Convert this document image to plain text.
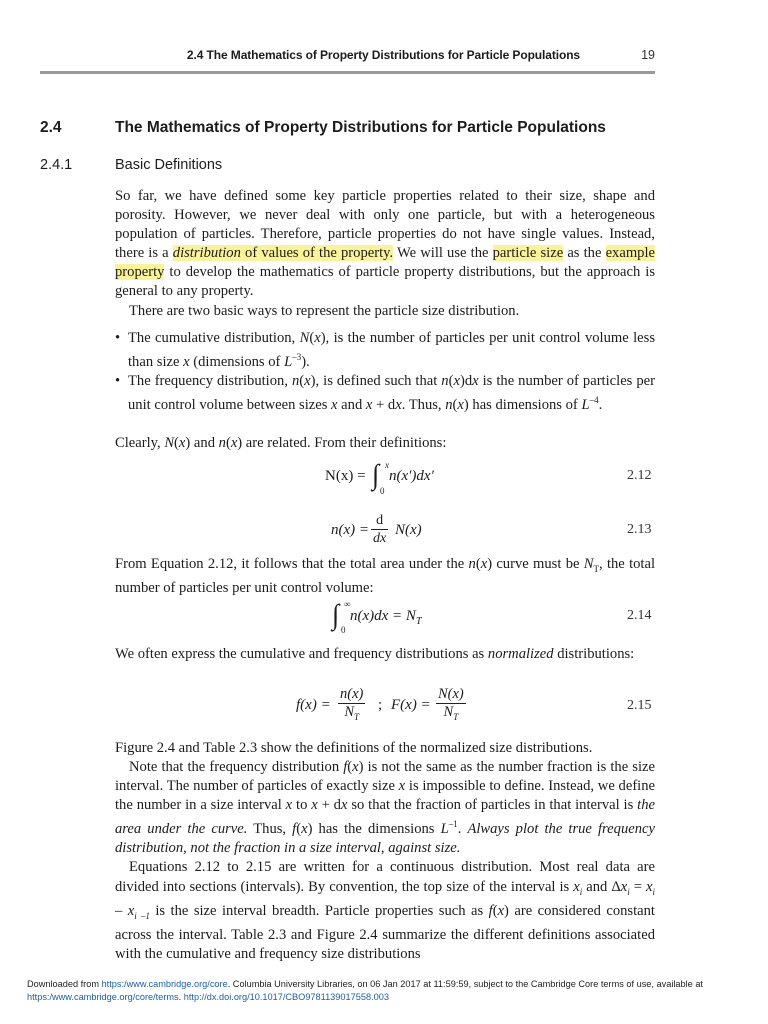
2.4 The Mathematics of Property Distributions for Particle Populations	19
2.4	The Mathematics of Property Distributions for Particle Populations
2.4.1	Basic Definitions

So far, we have defined some key particle properties related to their size, shape and porosity. However, we never deal with only one particle, but with a heterogeneous population of particles. Therefore, particle properties do not have single values. Instead, there is a distribution of values of the property. We will use the particle size as the example property to develop the mathematics of particle property distributions, but the approach is general to any property.

There are two basic ways to represent the particle size distribution.

• The cumulative distribution, N(x), is the number of particles per unit control volume less than size x (dimensions of $L^{-3}$).

• The frequency distribution, n(x), is defined such that n(x)dx is the number of particles per unit control volume between sizes x and x + dx. Thus, n(x) has dimensions of $L^{-4}$.

Clearly, N(x) and n(x) are related. From their definitions:

N(x) = ∫ x
0
n(x′)dx′	2.12
$n(x) = \frac{d}{dx} N(x)$	2.13

From Equation 2.12, it follows that the total area under the n(x) curve must be $N_T$, the total number of particles per unit control volume:

∫ ∞
0
$n(x)dx = N_T$	2.14

We often express the cumulative and frequency distributions as normalized distributions:

$f(x) = \frac{n(x)}{N_T}$ ; $F(x) = \frac{N(x)}{N_T}$	2.15

Figure 2.4 and Table 2.3 show the definitions of the normalized size distributions.

Note that the frequency distribution f(x) is not the same as the number fraction is the size interval. The number of particles of exactly size x is impossible to define. Instead, we define the number in a size interval x to x + dx so that the fraction of particles in that interval is the area under the curve. Thus, f(x) has the dimensions $L^{-1}$. Always plot the true frequency distribution, not the fraction in a size interval, against size.

Equations 2.12 to 2.15 are written for a continuous distribution. Most real data are divided into sections (intervals). By convention, the top size of the interval is $x_i$ and $\Delta x_i = x_i - x_{i -1}$ is the size interval breadth. Particle properties such as f(x) are considered constant across the interval. Table 2.3 and Figure 2.4 summarize the different definitions associated with the cumulative and frequency size distributions

Downloaded from https:/www.cambridge.org/core. Columbia University Libraries, on 06 Jan 2017 at 11:59:59, subject to the Cambridge Core terms of use, available at
https:/www.cambridge.org/core/terms. http://dx.doi.org/10.1017/CBO9781139017558.003
